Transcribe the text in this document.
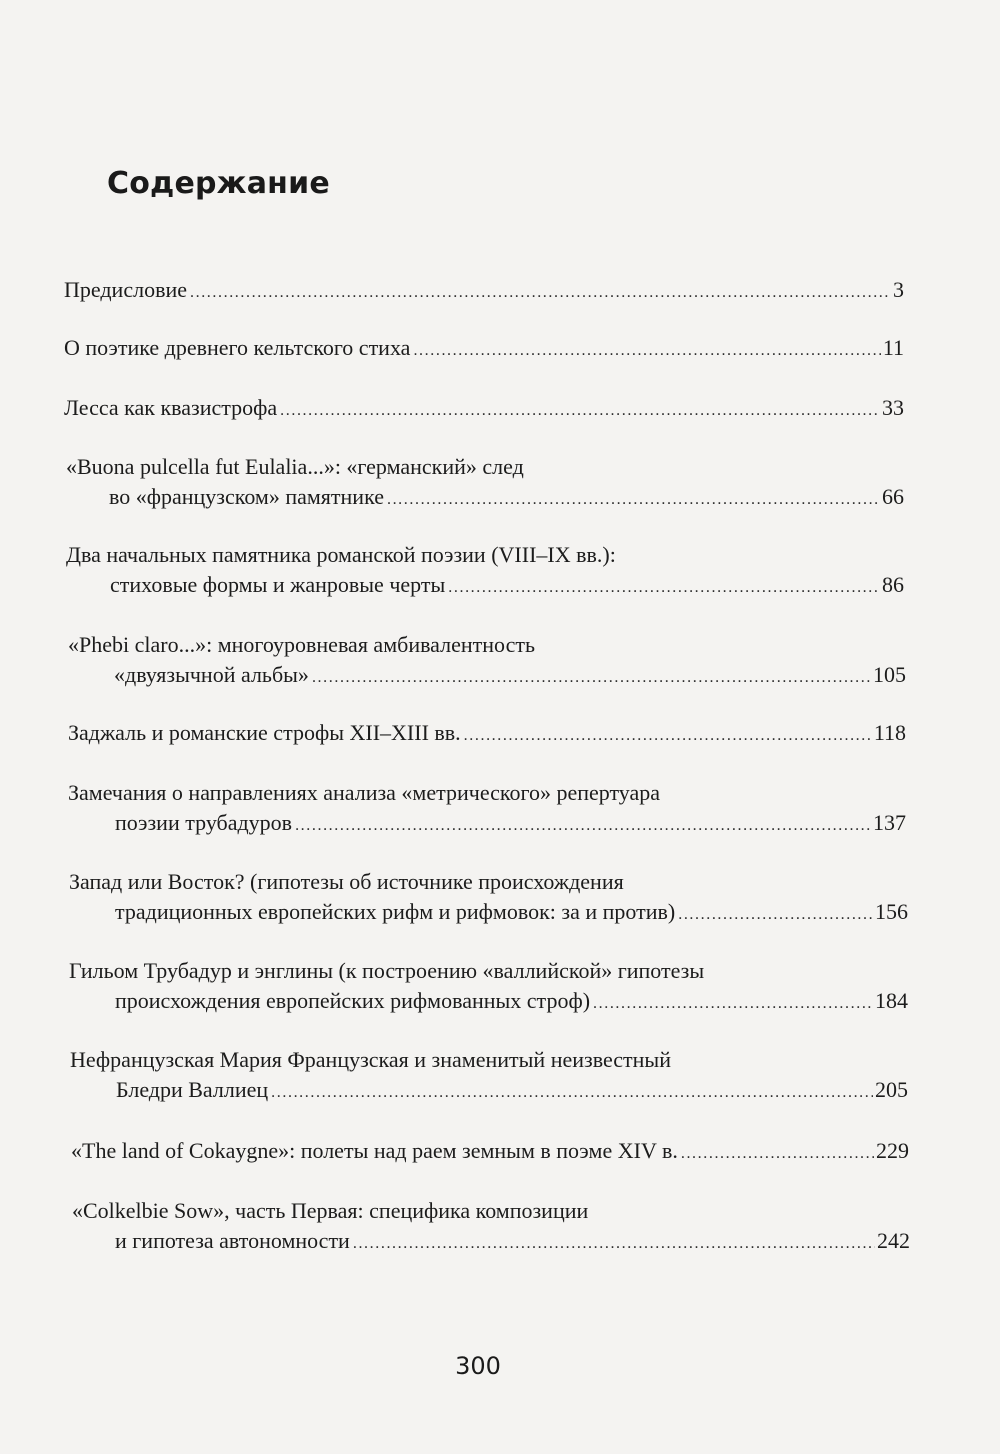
Содержание
Предисловие . . .	3
О поэтике древнего кельтского стиха . . .	11
Лесса как квазистрофа . . .	33
«Buona pulcella fut Eulalia...»: «германский» след
во «французском» памятнике . . .	66
Два начальных памятника романской поэзии (VIII–IX вв.):
стиховые формы и жанровые черты . . .	86
«Phebi claro...»: многоуровневая амбивалентность
«двуязычной альбы» . . .	105
Заджаль и романские строфы XII–XIII вв. . . .	118
Замечания о направлениях анализа «метрического» репертуара
поэзии трубадуров . . .	137
Запад или Восток? (гипотезы об источнике происхождения
традиционных европейских рифм и рифмовок: за и против) . . .	156
Гильом Трубадур и энглины (к построению «валлийской» гипотезы
происхождения европейских рифмованных строф) . . .	184
Нефранцузская Мария Французская и знаменитый неизвестный
Бледри Валлиец . . .	205
«The land of Cokaygne»: полеты над раем земным в поэме XIV в. . . .	229
«Colkelbie Sow», часть Первая: специфика композиции
и гипотеза автономности . . .	242
300
